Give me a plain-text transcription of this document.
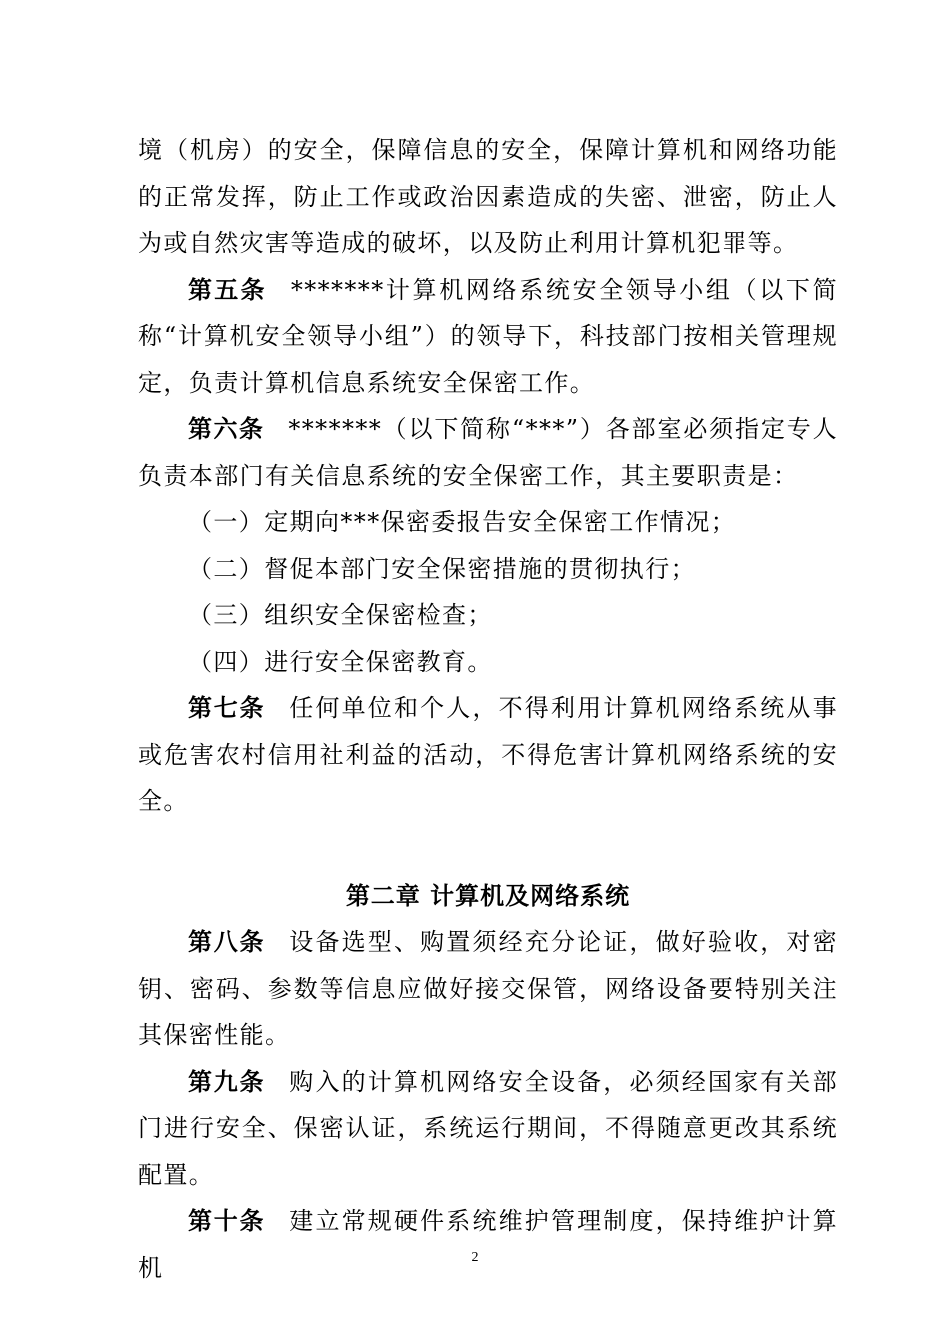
境（机房）的安全，保障信息的安全，保障计算机和网络功能的正常发挥，防止工作或政治因素造成的失密、泄密，防止人为或自然灾害等造成的破坏，以及防止利用计算机犯罪等。

第五条 *******计算机网络系统安全领导小组（以下简称“计算机安全领导小组”）的领导下，科技部门按相关管理规定，负责计算机信息系统安全保密工作。

第六条 *******（以下简称“***”）各部室必须指定专人负责本部门有关信息系统的安全保密工作，其主要职责是：

（一）定期向***保密委报告安全保密工作情况；

（二）督促本部门安全保密措施的贯彻执行；

（三）组织安全保密检查；

（四）进行安全保密教育。

第七条 任何单位和个人，不得利用计算机网络系统从事或危害农村信用社利益的活动，不得危害计算机网络系统的安全。

第二章 计算机及网络系统

第八条 设备选型、购置须经充分论证，做好验收，对密钥、密码、参数等信息应做好接交保管，网络设备要特别关注其保密性能。

第九条 购入的计算机网络安全设备，必须经国家有关部门进行安全、保密认证，系统运行期间，不得随意更改其系统配置。

第十条 建立常规硬件系统维护管理制度，保持维护计算机	2
